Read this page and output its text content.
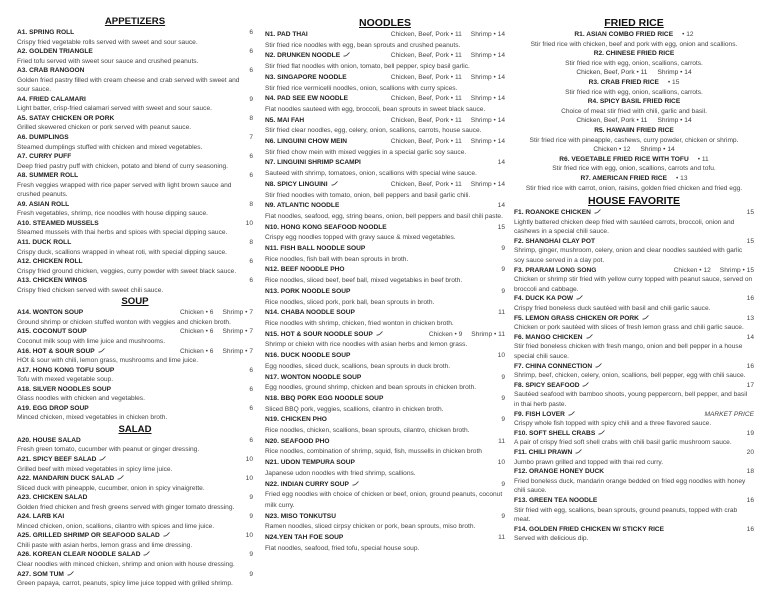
APPETIZERS
A1. SPRING ROLL	6
Crispy fried vegetable rolls served with sweet and sour sauce.
A2. GOLDEN TRIANGLE	6
Fried tofu served with sweet sour sauce and crushed peanuts.
A3. CRAB RANGOON	6
Golden fried pastry filled with cream cheese and crab served with sweet and sour sauce.
A4. FRIED CALAMARI	9
Light batter, crisp-fried calamari served with sweet and sour sauce.
A5. SATAY CHICKEN OR PORK	8
Grilled skewered chicken or pork served with peanut sauce.
A6. DUMPLINGS	7
Steamed dumplings stuffed with chicken and mixed vegetables.
A7. CURRY PUFF	6
Deep fried pastry puff with chicken, potato and blend of curry seasoning.
A8. SUMMER ROLL	6
Fresh veggies wrapped with rice paper served with light brown sauce and crushed peanuts.
A9. ASIAN ROLL	8
Fresh vegetables, shrimp, rice noodles with house dipping sauce.
A10. STEAMED MUSSELS	10
Steamed mussels with thai herbs and spices with special dipping sauce.
A11. DUCK ROLL	8
Crispy duck, scallions wrapped in wheat roti, with special dipping sauce.
A12. CHICKEN ROLL	6
Crispy fried ground chicken, veggies, curry powder with sweet black sauce.
A13. CHICKEN WINGS	6
Crispy fried chicken served with sweet chili sauce.
SOUP
A14. WONTON SOUP	Chicken • 6 Shrimp • 7
Ground shrimp or chicken stuffed wonton with veggies and chicken broth.
A15. COCONUT SOUP	Chicken • 6 Shrimp • 7
Coconut milk soup with lime juice and mushrooms.
A16. HOT & SOUR SOUP	Chicken • 6 Shrimp • 7
HOt & sour with chili, lemon grass, mushrooms and lime juice.
A17. HONG KONG TOFU SOUP	6
Tofu with mexed vegetable soup.
A18. SILVER NOODLES SOUP	6
Glass noodles with chicken and vegetables.
A19. EGG DROP SOUP	6
Minced chicken, mixed vegetables in chicken broth.
SALAD
A20. HOUSE SALAD	6
Fresh green tomato, cucumber with peanut or ginger dressing.
A21. SPICY BEEF SALAD	10
Grilled beef with mixed vegetables in spicy lime juice.
A22. MANDARIN DUCK SALAD	10
Sliced duck with pineapple, cucumber, onion in spicy vinaigrette.
A23. CHICKEN SALAD	9
Golden fried chicken and fresh greens served with ginger tomato dressing.
A24. LARB KAI	9
Minced chicken, onion, scallions, cilantro with spices and lime juice.
A25. GRILLED SHRIMP OR SEAFOOD SALAD	10
Chili paste with asian herbs, lemon grass and lime dressing.
A26. KOREAN CLEAR NOODLE SALAD	9
Clear noodles with minced chicken, shrimp and onion with house dressing.
A27. SOM TUM	9
Green papaya, carrot, peanuts, spicy lime juice topped with grilled shrimp.
NOODLES
N1. PAD THAI	Chicken, Beef, Pork • 11 Shrimp • 14
Stir fried rice noodles with egg, bean sprouts and crushed peanuts.
N2. DRUNKEN NOODLE	Chicken, Beef, Pork • 11 Shrimp • 14
Stir fried flat noodles with onion, tomato, bell pepper, spicy basil garlic.
N3. SINGAPORE NOODLE	Chicken, Beef, Pork • 11 Shrimp • 14
Stir fried rice vermicelli noodles, onion, scallions with curry spices.
N4. PAD SEE EW NOODLE	Chicken, Beef, Pork • 11 Shrimp • 14
Flat noodles sauteed with egg, broccoli, bean sprouts in sweet black sauce.
N5. MAI FAH	Chicken, Beef, Pork • 11 Shrimp • 14
Stir fried clear noodles, egg, celery, onion, scallions, carrots, house sauce.
N6. LINGUINI CHOW MEIN	Chicken, Beef, Pork • 11 Shrimp • 14
Stir fried chow mein with mixed veggies in a special garlic soy sauce.
N7. LINGUINI SHRIMP SCAMPI	14
Sauteed with shrimp, tomatoes, onion, scallions with special wine sauce.
N8. SPICY LINGUINI	Chicken, Beef, Pork • 11 Shrimp • 14
Stir fried noodles with tomato, onion, bell peppers and basil garlic chili.
N9. ATLANTIC NOODLE	14
Flat noodles, seafood, egg, string beans, onion, bell peppers and basil chili paste.
N10. HONG KONG SEAFOOD NOODLE	15
Crispy egg noodles topped with gravy sauce & mixed vegetables.
N11. FISH BALL NOODLE SOUP	9
Rice noodles, fish ball with bean sprouts in broth.
N12. BEEF NOODLE PHO	9
Rice noodles, sliced beef, beef ball, mixed vegetables in beef broth.
N13. PORK NOODLE SOUP	9
Rice noodles, sliced pork, pork ball, bean sprouts in broth.
N14. CHABA NOODLE SOUP	11
Rice noodles with shrimp, chicken, fried wonton in chicken broth.
N15. HOT & SOUR NOODLE SOUP	Chicken • 9 Shrimp • 11
Shrimp or chiekn with rice noodles with asian herbs and lemon grass.
N16. DUCK NOODLE SOUP	10
Egg noodles, sliced duck, scallions, bean sprouts in duck broth.
N17. WONTON NOODLE SOUP	9
Egg noodles, ground shrimp, chicken and bean sprouts in chicken broth.
N18. BBQ PORK EGG NOODLE SOUP	9
Sliced BBQ pork, veggies, scallions, cilantro in chicken broth.
N19. CHICKEN PHO	9
Rice noodles, chicken, scallions, bean sprouts, cilantro, chicken broth.
N20. SEAFOOD PHO	11
Rice noodles, combination of shrimp, squid, fish, mussells in chicken broth
N21. UDON TEMPURA SOUP	10
Japanese udon noodles with fried shrimp, scallions.
N22. INDIAN CURRY SOUP	9
Fried egg noodles with choice of chicken or beef, onion, ground peanuts, coconut milk curry.
N23. MISO TONKUTSU	9
Ramen noodles, sliced cirpsy chicken or pork, bean sprouts, miso broth.
N24.YEN TAH FOE SOUP	11
Flat noodles, seafood, fried tofu, special house soup.
FRIED RICE
R1. ASIAN COMBO FRIED RICE	• 12
Stir fried rice with chicken, beef and pork with egg, onion and scallions.
R2. CHINESE FRIED RICE
Stir fried rice with egg, onion, scallions, carrots.
Chicken, Beef, Pork • 11 Shrimp • 14
R3. CRAB FRIED RICE	• 15
Stir fried rice with egg, onion, scallions, carrots.
R4. SPICY BASIL FRIED RICE
Choice of meat stir fried with chili, garlic and basil.
Chicken, Beef, Pork • 11 Shrimp • 14
R5. HAWAIIN FRIED RICE
Stir fried rice with pineapple, cashews, curry powder, chicken or shrimp.
Chicken • 12 Shrimp • 14
R6. VEGETABLE FRIED RICE WITH TOFU	• 11
Stir fried rice with egg, onion, scallions, carrots and tofu.
R7. AMERICAN FRIED RICE	• 13
Stir fried rice with carrot, onion, raisins, golden fried chicken and fried egg.
HOUSE FAVORITE
F1. ROANOKE CHICKEN	15
Lightly battered chicken deep fried with sautéed carrots, broccoli, onion and cashews in a special chili sauce.
F2. SHANGHAI CLAY POT	15
Shrimp, ginger, mushroom, celery, onion and clear noodles sautéed with garlic soy sauce served in a clay pot.
F3. PRARAM LONG SONG	Chicken • 12 Shrimp • 15
Chicken or shrimp stir fried with yellow curry topped with peanut sauce, served on broccoli and cabbage.
F4. DUCK KA POW	16
Crispy fried boneless duck sautéed with basil and chili garlic sauce.
F5. LEMON GRASS CHICKEN OR PORK	13
Chicken or pork sautéed with slices of fresh lemon grass and chili garlic sauce.
F6. MANGO CHICKEN	14
Stir fried boneless chicken with fresh mango, onion and bell pepper in a house special chili sauce.
F7. CHINA CONNECTION	16
Shrimp, beef, chicken, celery, onion, scallions, bell pepper, egg with chili sauce.
F8. SPICY SEAFOOD	17
Sautéed seafood with bamboo shoots, young peppercorn, bell pepper, and basil in thai herb paste.
F9. FISH LOVER	MARKET PRICE
Crispy whole fish topped with spicy chili and a three flavored sauce.
F10. SOFT SHELL CRABS	19
A pair of crispy fried soft shell crabs with chili basil garlic mushroom sauce.
F11. CHILI PRAWN	20
Jumbo prawn grilled and topped with thai red curry.
F12. ORANGE HONEY DUCK	18
Fried boneless duck, mandarin orange bedded on fried egg noodles with honey chili sauce.
F13. GREEN TEA NOODLE	16
Stir fried with egg, scallions, bean sprouts, ground peanuts, topped with crab meat.
F14. GOLDEN FRIED CHICKEN W/ STICKY RICE	16
Served with delicious dip.
